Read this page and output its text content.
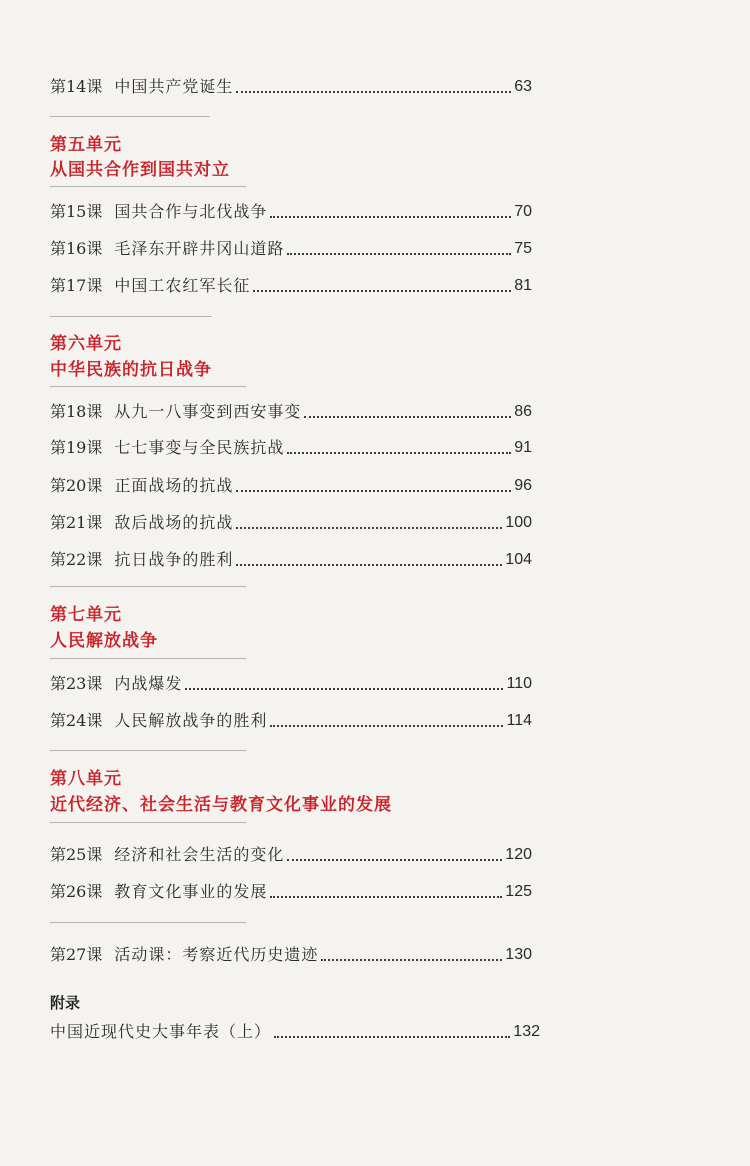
第14课 中国共产党诞生	63
第五单元
从国共合作到国共对立
第15课 国共合作与北伐战争	70
第16课 毛泽东开辟井冈山道路	75
第17课 中国工农红军长征	81
第六单元
中华民族的抗日战争
第18课 从九一八事变到西安事变	86
第19课 七七事变与全民族抗战	91
第20课 正面战场的抗战	96
第21课 敌后战场的抗战	100
第22课 抗日战争的胜利	104
第七单元
人民解放战争
第23课 内战爆发	110
第24课 人民解放战争的胜利	114
第八单元
近代经济、社会生活与教育文化事业的发展
第25课 经济和社会生活的变化	120
第26课 教育文化事业的发展	125
第27课 活动课：考察近代历史遗迹	130
附录
中国近现代史大事年表（上）	132
